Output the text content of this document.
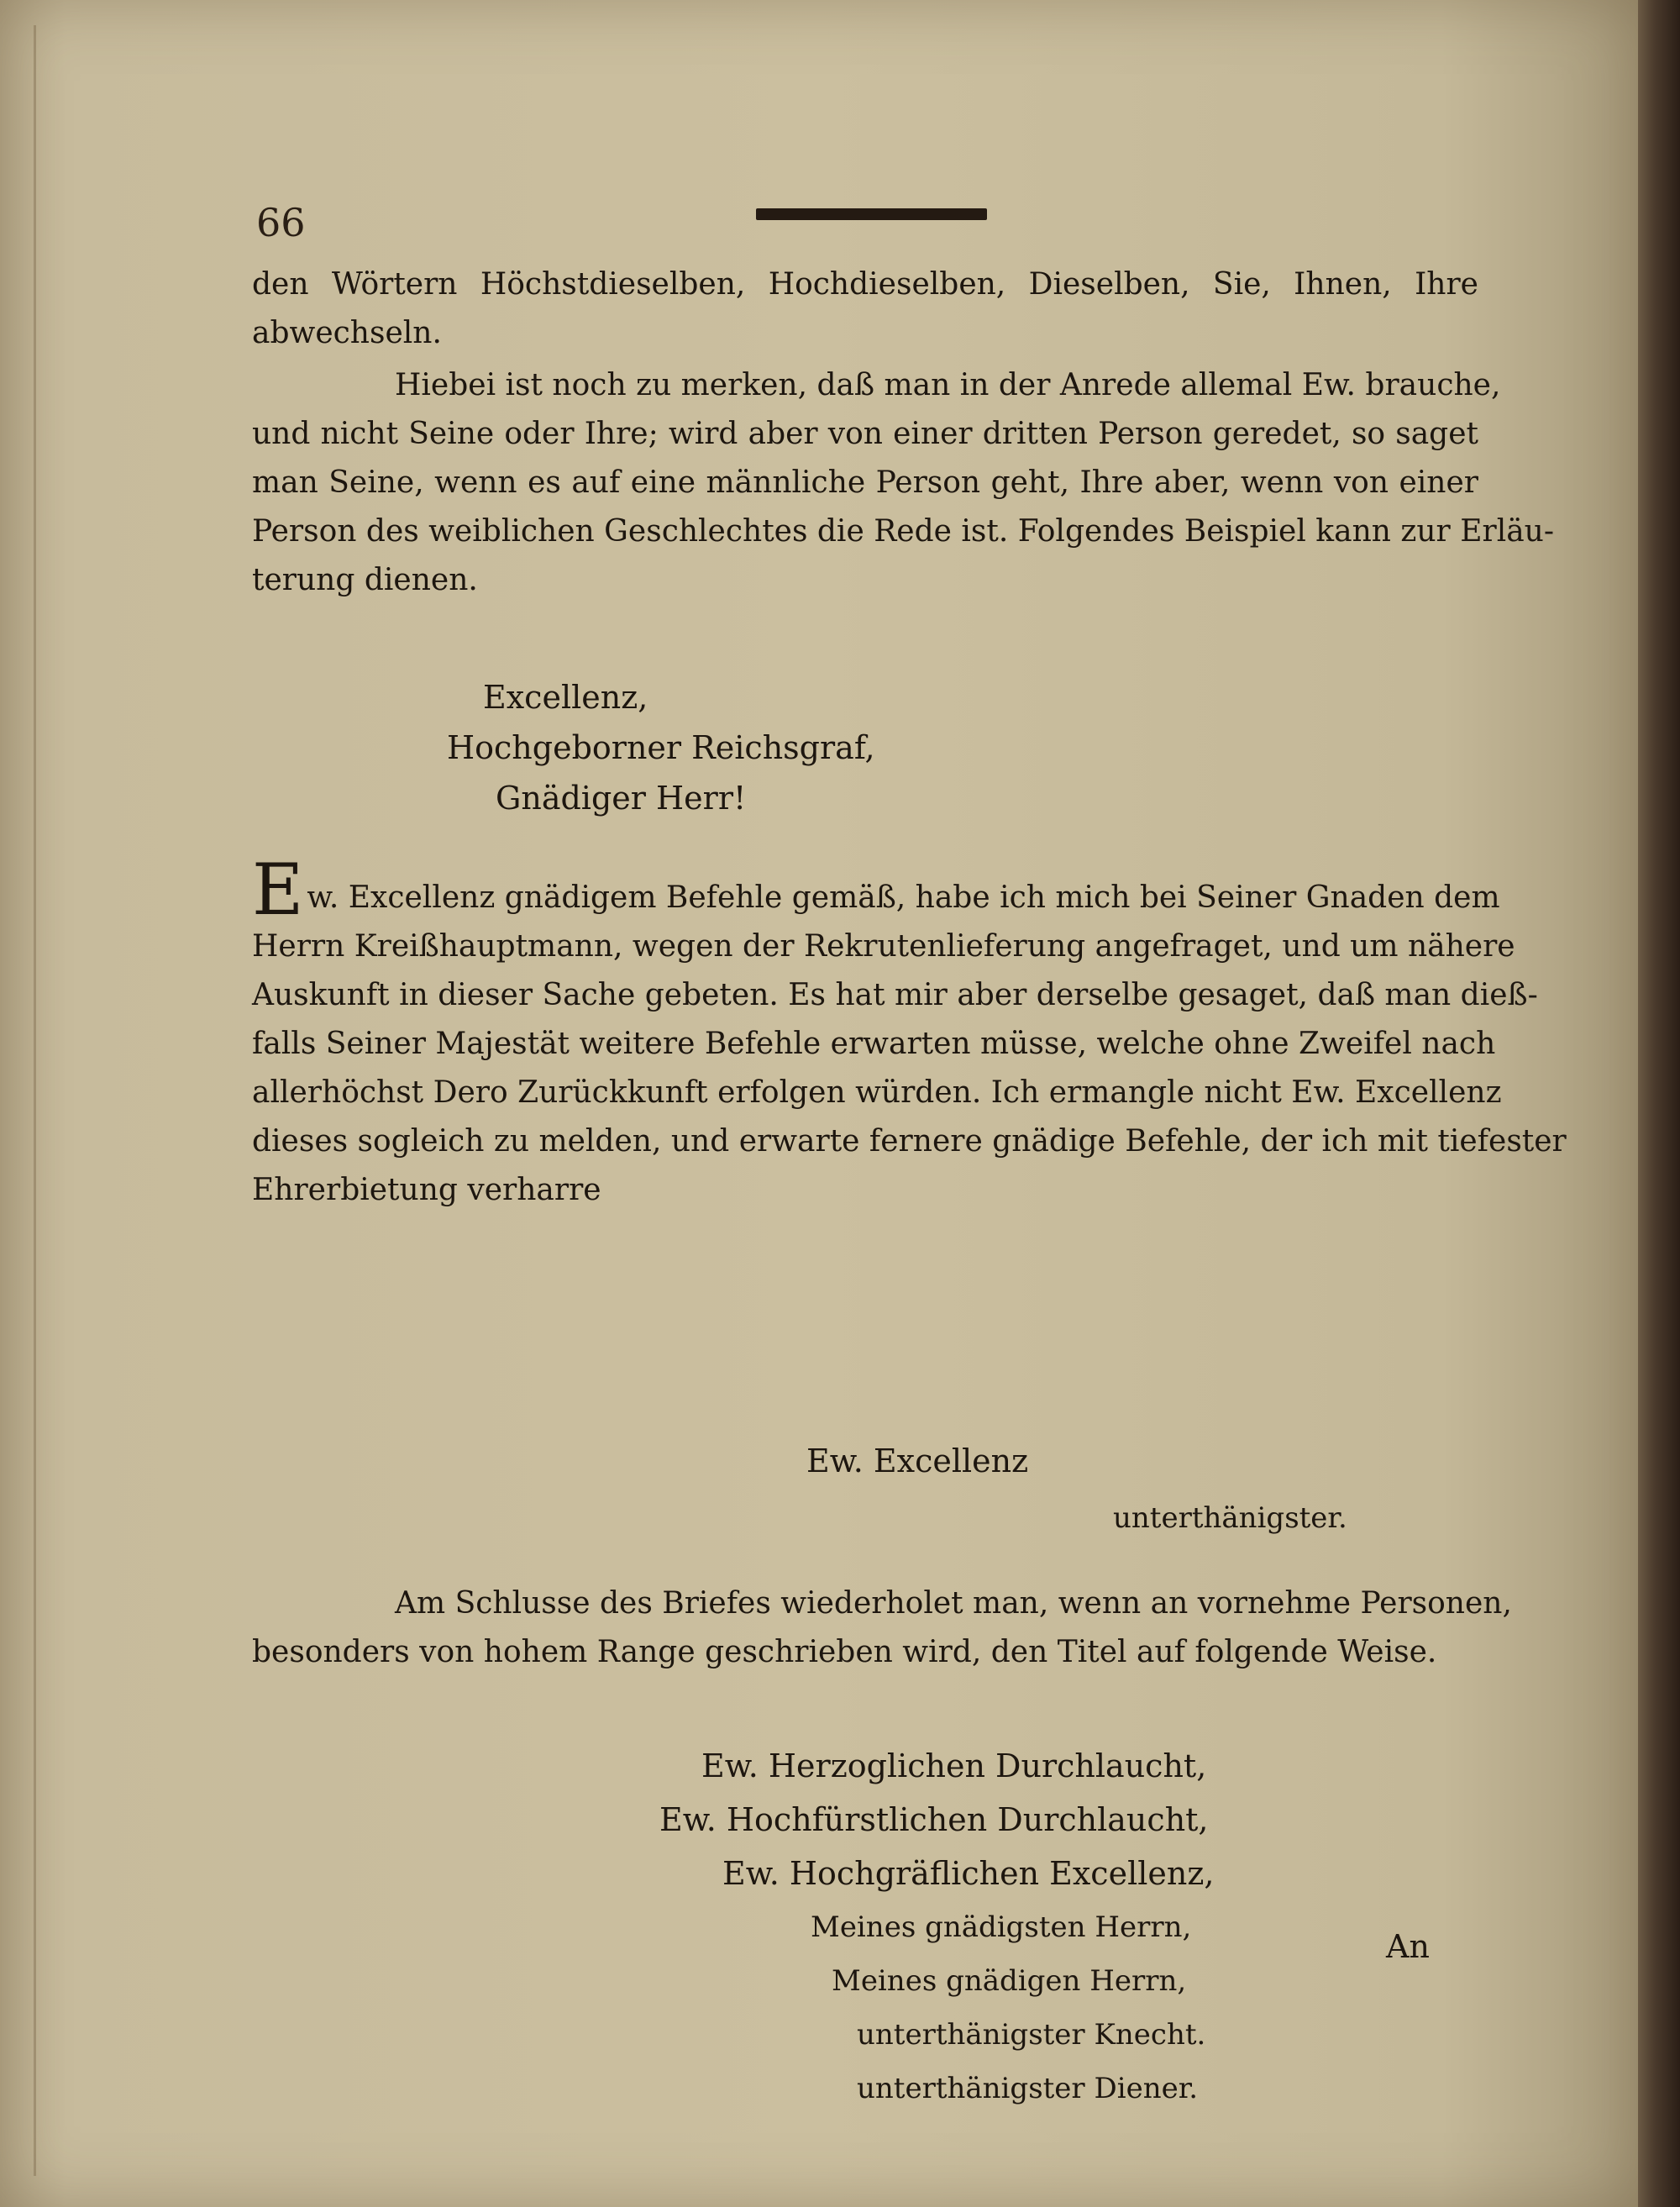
66
den Wörtern Höchstdieselben, Hochdieselben, Dieselben, Sie, Ihnen, Ihre
abwechseln.
Hiebei ist noch zu merken, daß man in der Anrede allemal Ew. brauche,
und nicht Seine oder Ihre; wird aber von einer dritten Person geredet, so saget
man Seine, wenn es auf eine männliche Person geht, Ihre aber, wenn von einer
Person des weiblichen Geschlechtes die Rede ist. Folgendes Beispiel kann zur Erläu-
terung dienen.
Excellenz,
Hochgeborner Reichsgraf,
Gnädiger Herr!
Ew. Excellenz gnädigem Befehle gemäß, habe ich mich bei Seiner Gnaden dem
Herrn Kreißhauptmann, wegen der Rekrutenlieferung angefraget, und um nähere
Auskunft in dieser Sache gebeten. Es hat mir aber derselbe gesaget, daß man dieß-
falls Seiner Majestät weitere Befehle erwarten müsse, welche ohne Zweifel nach
allerhöchst Dero Zurückkunft erfolgen würden. Ich ermangle nicht Ew. Excellenz
dieses sogleich zu melden, und erwarte fernere gnädige Befehle, der ich mit tiefester
Ehrerbietung verharre
Ew. Excellenz
unterthänigster.
Am Schlusse des Briefes wiederholet man, wenn an vornehme Personen,
besonders von hohem Range geschrieben wird, den Titel auf folgende Weise.
Ew. Herzoglichen Durchlaucht,
Ew. Hochfürstlichen Durchlaucht,
Ew. Hochgräflichen Excellenz,
Meines gnädigsten Herrn,
Meines gnädigen Herrn,
unterthänigster Knecht.
unterthänigster Diener.
An
